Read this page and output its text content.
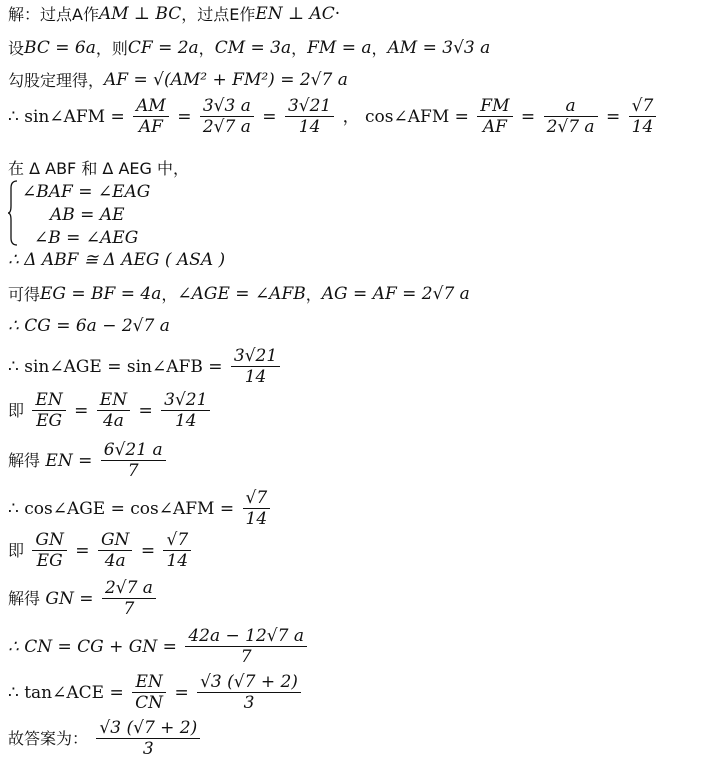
解：过点A作AM ⊥ BC，过点E作EN ⊥ AC·
设BC = 6a，则CF = 2a，CM = 3a，FM = a，AM = 3√3 a
勾股定理得，AF = √(AM² + FM²) = 2√7 a
∴ sin∠AFM = $\frac{AM}{AF} = \frac{3√3 a}{2√7 a} = \frac{3√21}{14}$ ， cos∠AFM = $\frac{FM}{AF} = \frac{a}{2√7 a} = \frac{√7}{14}$
在 Δ ABF 和 Δ AEG 中，
∠BAF = ∠EAG
AB = AE
∠B = ∠AEG
∴ Δ ABF ≅ Δ AEG ( ASA )
可得EG = BF = 4a，∠AGE = ∠AFB，AG = AF = 2√7 a
∴ CG = 6a − 2√7 a
∴ sin∠AGE = sin∠AFB = $\frac{3√21}{14}$
即 $\frac{EN}{EG} = \frac{EN}{4a} = \frac{3√21}{14}$
解得 EN = $\frac{6√21 a}{7}$
∴ cos∠AGE = cos∠AFM = $\frac{√7}{14}$
即 $\frac{GN}{EG} = \frac{GN}{4a} = \frac{√7}{14}$
解得 GN = $\frac{2√7 a}{7}$
∴ CN = CG + GN = $\frac{42a - 12√7 a}{7}$
∴ tan∠ACE = $\frac{EN}{CN} = \frac{√3 (√7 + 2)}{3}$
故答案为： $\frac{√3 (√7 + 2)}{3}$
